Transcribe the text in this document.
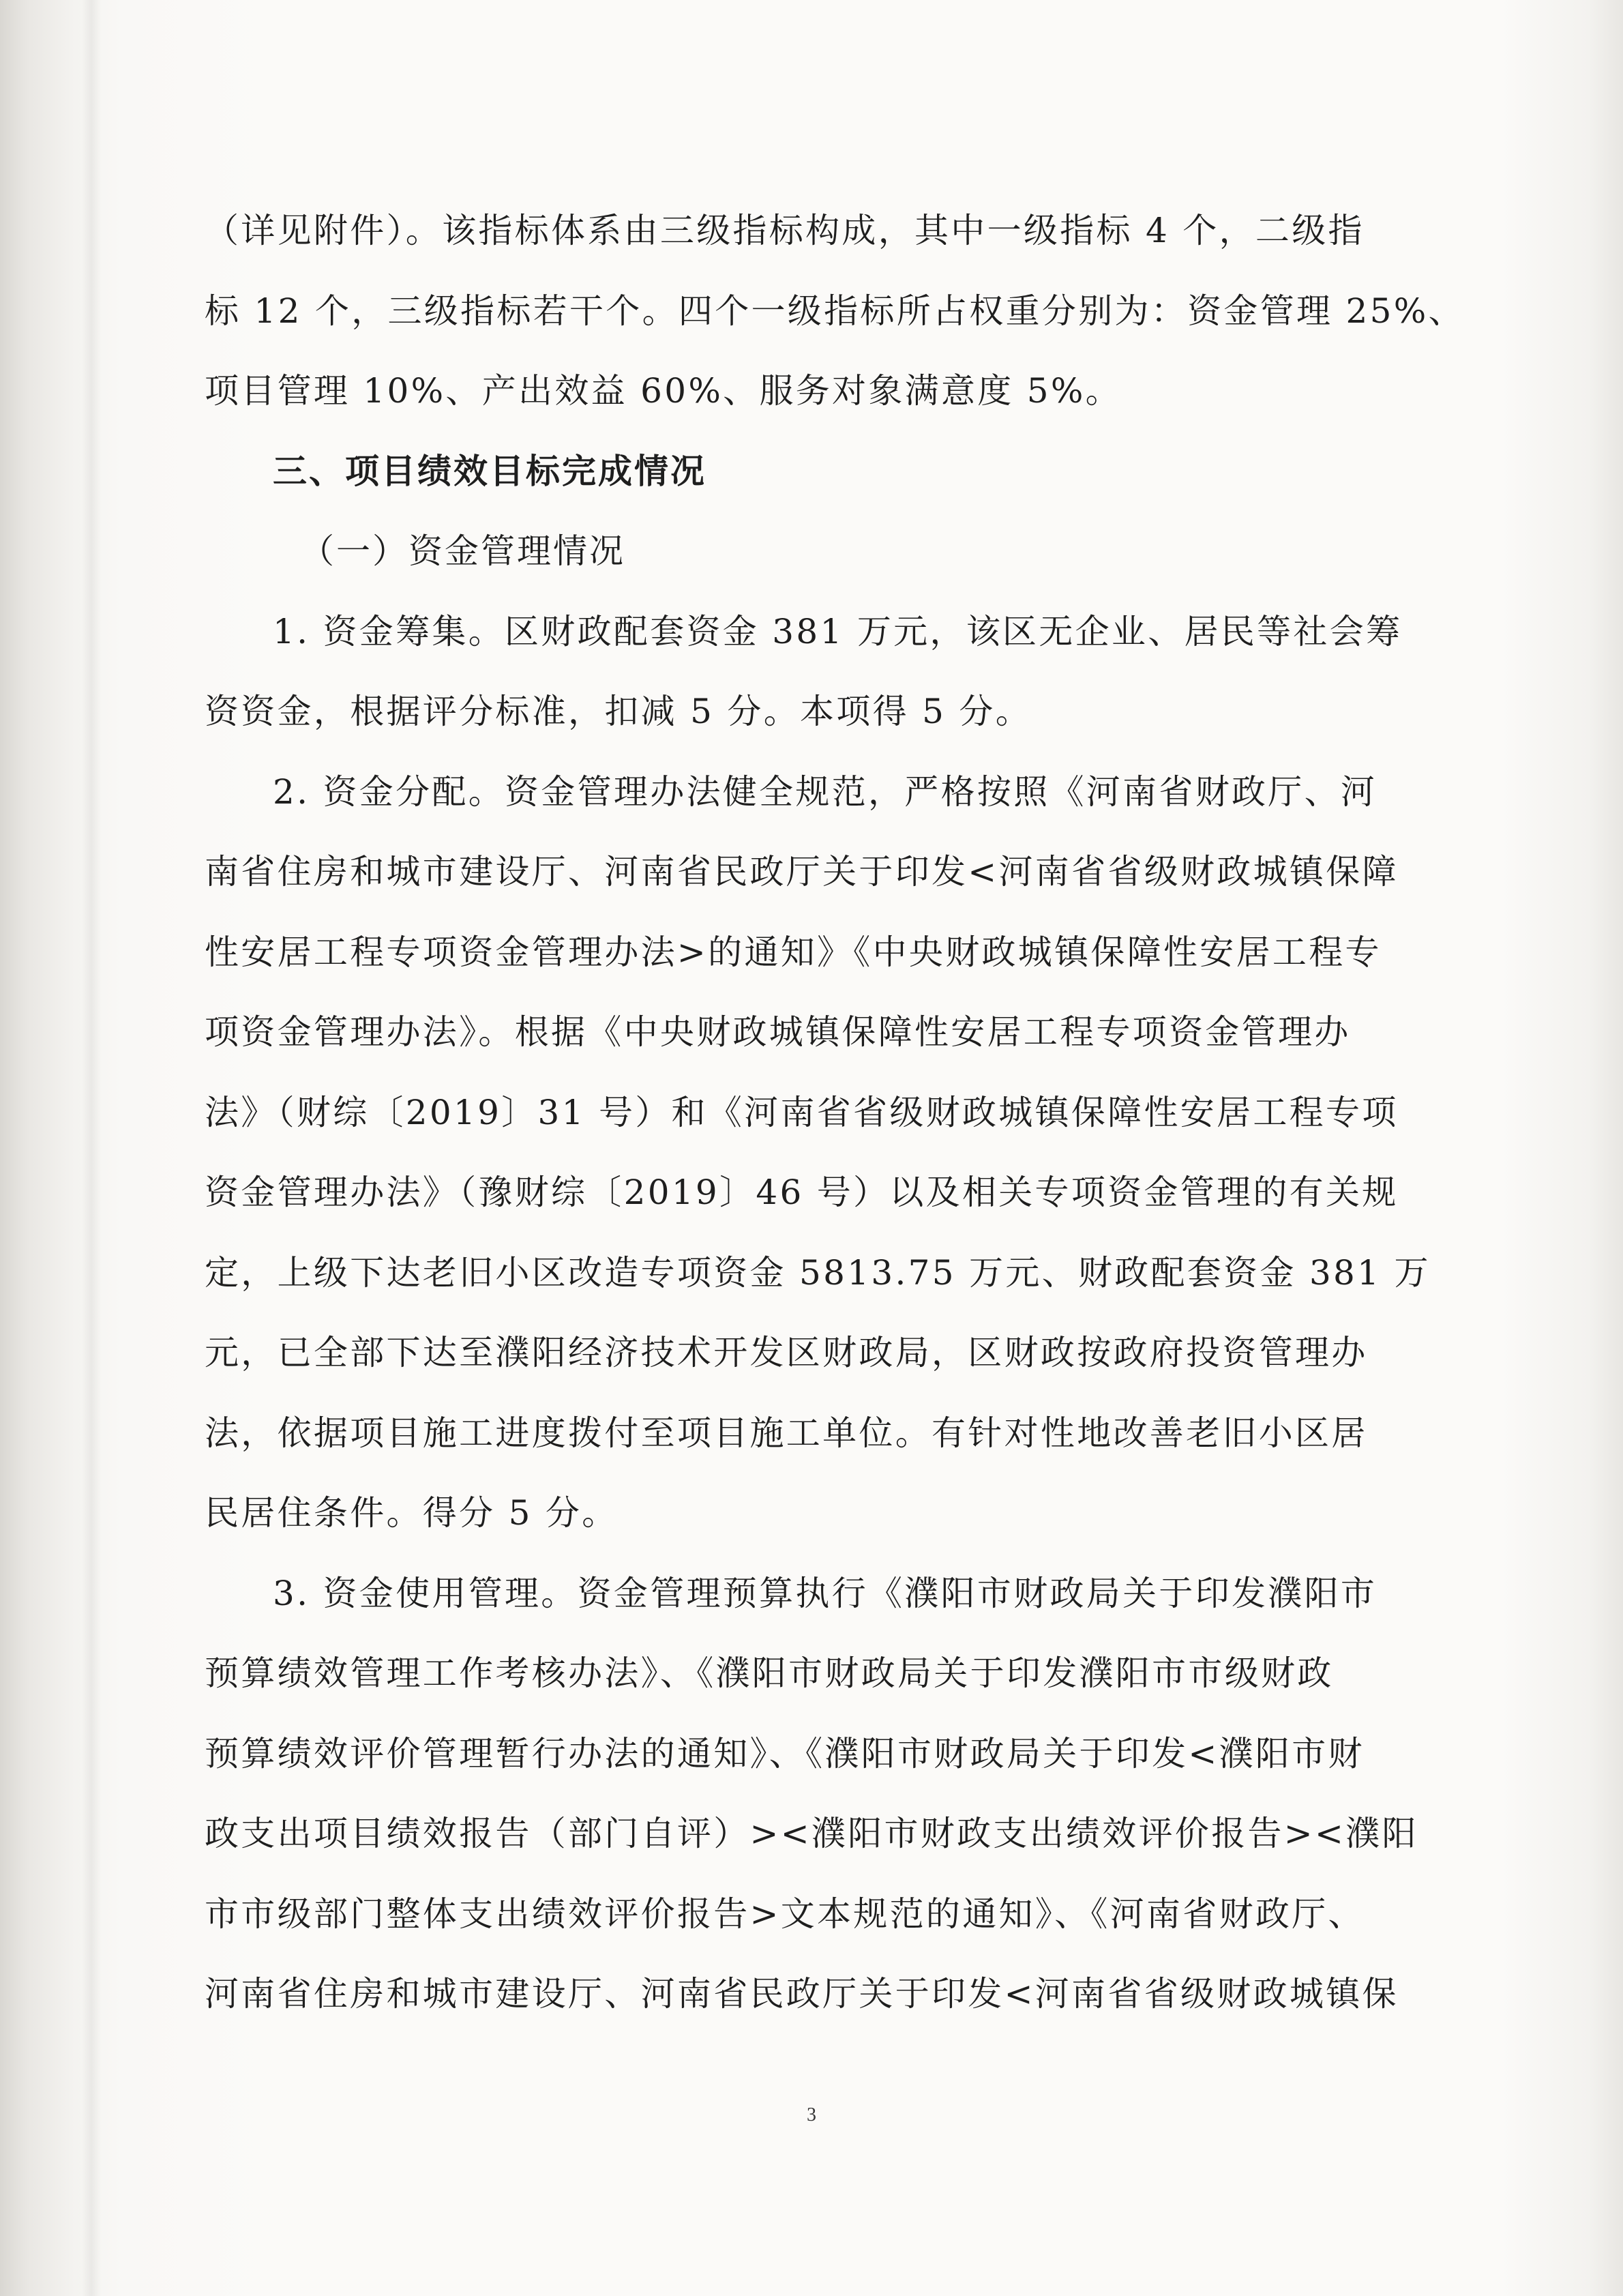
（详见附件）。该指标体系由三级指标构成，其中一级指标 4 个，二级指
标 12 个，三级指标若干个。四个一级指标所占权重分别为：资金管理 25%、
项目管理 10%、产出效益 60%、服务对象满意度 5%。
三、项目绩效目标完成情况
（一）资金管理情况
1. 资金筹集。区财政配套资金 381 万元，该区无企业、居民等社会筹
资资金，根据评分标准，扣减 5 分。本项得 5 分。
2. 资金分配。资金管理办法健全规范，严格按照《河南省财政厅、河
南省住房和城市建设厅、河南省民政厅关于印发<河南省省级财政城镇保障
性安居工程专项资金管理办法>的通知》《中央财政城镇保障性安居工程专
项资金管理办法》。根据《中央财政城镇保障性安居工程专项资金管理办
法》（财综〔2019〕31 号）和《河南省省级财政城镇保障性安居工程专项
资金管理办法》（豫财综〔2019〕46 号）以及相关专项资金管理的有关规
定，上级下达老旧小区改造专项资金 5813.75 万元、财政配套资金 381 万
元，已全部下达至濮阳经济技术开发区财政局，区财政按政府投资管理办
法，依据项目施工进度拨付至项目施工单位。有针对性地改善老旧小区居
民居住条件。得分 5 分。
3. 资金使用管理。资金管理预算执行《濮阳市财政局关于印发濮阳市
预算绩效管理工作考核办法》、《濮阳市财政局关于印发濮阳市市级财政
预算绩效评价管理暂行办法的通知》、《濮阳市财政局关于印发<濮阳市财
政支出项目绩效报告（部门自评）><濮阳市财政支出绩效评价报告><濮阳
市市级部门整体支出绩效评价报告>文本规范的通知》、《河南省财政厅、
河南省住房和城市建设厅、河南省民政厅关于印发<河南省省级财政城镇保
3
